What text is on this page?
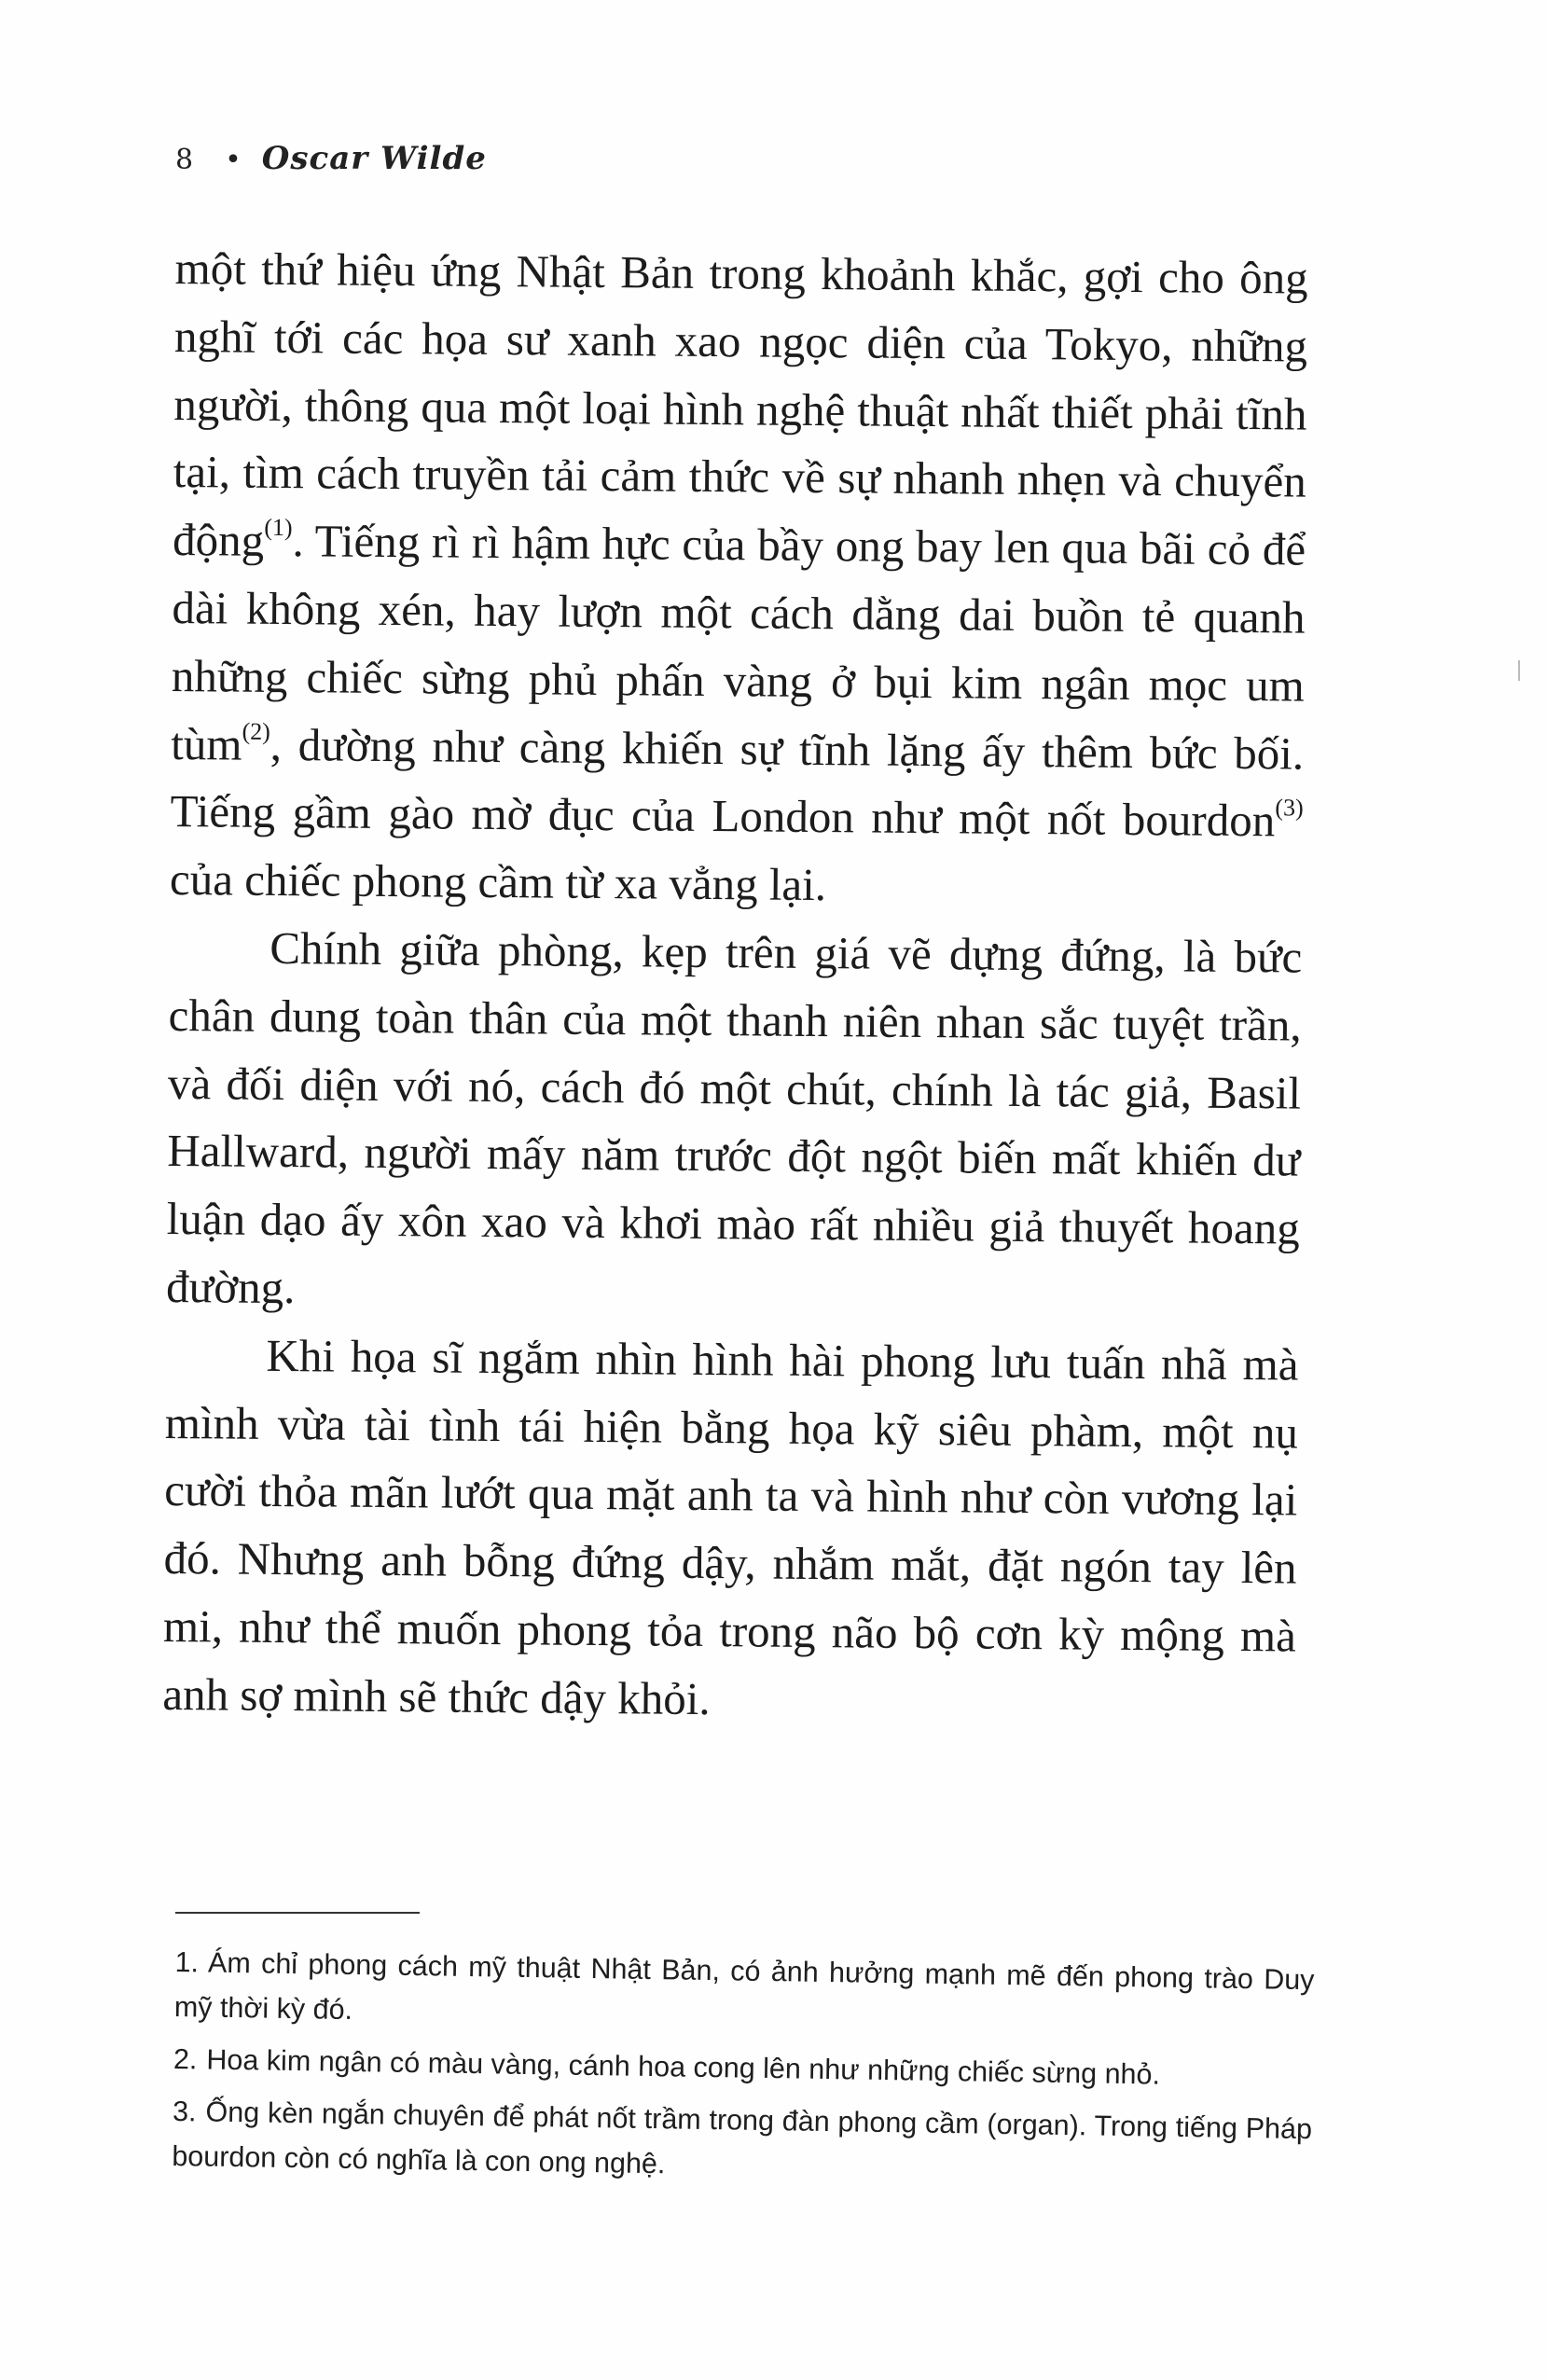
8 • Oscar Wilde

một thứ hiệu ứng Nhật Bản trong khoảnh khắc, gợi cho ông nghĩ tới các họa sư xanh xao ngọc diện của Tokyo, những người, thông qua một loại hình nghệ thuật nhất thiết phải tĩnh tại, tìm cách truyền tải cảm thức về sự nhanh nhẹn và chuyển động$^{(1)}$. Tiếng rì rì hậm hực của bầy ong bay len qua bãi cỏ để dài không xén, hay lượn một cách dằng dai buồn tẻ quanh những chiếc sừng phủ phấn vàng ở bụi kim ngân mọc um tùm$^{(2)}$, dường như càng khiến sự tĩnh lặng ấy thêm bức bối. Tiếng gầm gào mờ đục của London như một nốt bourdon$^{(3)}$ của chiếc phong cầm từ xa vẳng lại.

Chính giữa phòng, kẹp trên giá vẽ dựng đứng, là bức chân dung toàn thân của một thanh niên nhan sắc tuyệt trần, và đối diện với nó, cách đó một chút, chính là tác giả, Basil Hallward, người mấy năm trước đột ngột biến mất khiến dư luận dạo ấy xôn xao và khơi mào rất nhiều giả thuyết hoang đường.

Khi họa sĩ ngắm nhìn hình hài phong lưu tuấn nhã mà mình vừa tài tình tái hiện bằng họa kỹ siêu phàm, một nụ cười thỏa mãn lướt qua mặt anh ta và hình như còn vương lại đó. Nhưng anh bỗng đứng dậy, nhắm mắt, đặt ngón tay lên mi, như thể muốn phong tỏa trong não bộ cơn kỳ mộng mà anh sợ mình sẽ thức dậy khỏi.

1. Ám chỉ phong cách mỹ thuật Nhật Bản, có ảnh hưởng mạnh mẽ đến phong trào Duy mỹ thời kỳ đó.
2. Hoa kim ngân có màu vàng, cánh hoa cong lên như những chiếc sừng nhỏ.
3. Ống kèn ngắn chuyên để phát nốt trầm trong đàn phong cầm (organ). Trong tiếng Pháp bourdon còn có nghĩa là con ong nghệ.
